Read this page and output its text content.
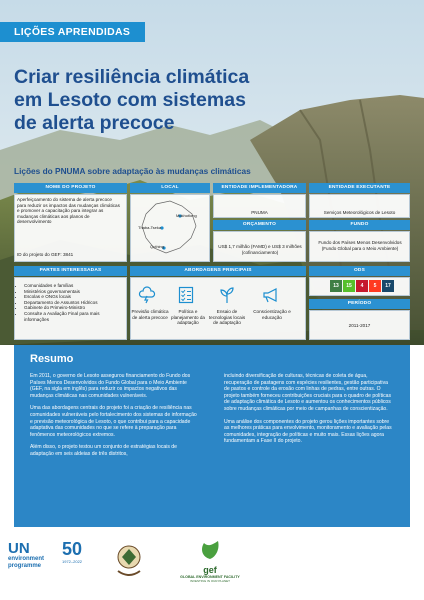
LIÇÕES APRENDIDAS
Criar resiliência climática
em Lesoto com sistemas
de alerta precoce
Lições do PNUMA sobre adaptação às mudanças climáticas
NOME DO PROJETO	LOCAL	ENTIDADE IMPLEMENTADORA	ENTIDADE EXECUTANTE
Aperfeiçoamento do sistema de alerta precoce para reduzir os impactos das mudanças climáticas e promover a capacitação para integrar as mudanças climáticas aos planos de desenvolvimento
ID do projeto do GEF: 3841
Mokhotlong
Thaba-Tseka
Quthing
PNUMA	Serviços Meteorológicos de Lesoto
ORÇAMENTO	FUNDO
US$ 1,7 milhão (FAMD) e US$ 3 milhões (cofinanciamento)
Fundo dos Países Menos Desenvolvidos (Fundo Global para o Meio Ambiente)
PARTES INTERESSADAS	ABORDAGENS PRINCIPAIS	ODS
• Comunidades e famílias
• Ministérios governamentais
• Escolas e ONGs locais
• Departamento de Assuntos Hídricos
• Gabinete do Primeiro-Ministro
• Consulte a Avaliação Final para mais informações
Previsão climática de alerta precoce
Política e planejamento da adaptação
Ensaio de tecnologias locais de adaptação
Conscientização e educação
13	15	4	5	17
PERÍODO
2011-2017
Resumo

Em 2011, o governo de Lesoto assegurou financiamento do Fundo dos Países Menos Desenvolvidos do Fundo Global para o Meio Ambiente (GEF, na sigla em inglês) para reduzir os impactos negativos das mudanças climáticas nas comunidades vulneráveis.

Uma das abordagens centrais do projeto foi a criação de resiliência nas comunidades vulneráveis pelo fortalecimento dos sistemas de informação e previsão meteorológica de Lesoto, o que contribui para a capacidade adaptativa das comunidades no que se refere à preparação para fenômenos meteorológicos extremos.

Além disso, o projeto testou um conjunto de estratégias locais de adaptação em seis aldeias de três distritos,

incluindo diversificação de culturas, técnicas de coleta de água, recuperação de pastagens com espécies resilientes, gestão participativa de pastos e controle da erosão com linhas de pedras, entre outras. O projeto também forneceu contribuições cruciais para o quadro de políticas de adaptação climática de Lesoto e aumentou os conhecimentos públicos sobre mudanças climáticas por meio de campanhas de conscientização.

Uma análise dos componentes do projeto gerou lições importantes sobre as melhores práticas para envolvimento, monitoramento e avaliação pelas comunidades, integração de políticas e muito mais. Essas lições agora fundamentam a Fase II do projeto.

UN
environment
programme
50
1972–2022
gef
GLOBAL ENVIRONMENT FACILITY
INVESTING IN OUR PLANET
